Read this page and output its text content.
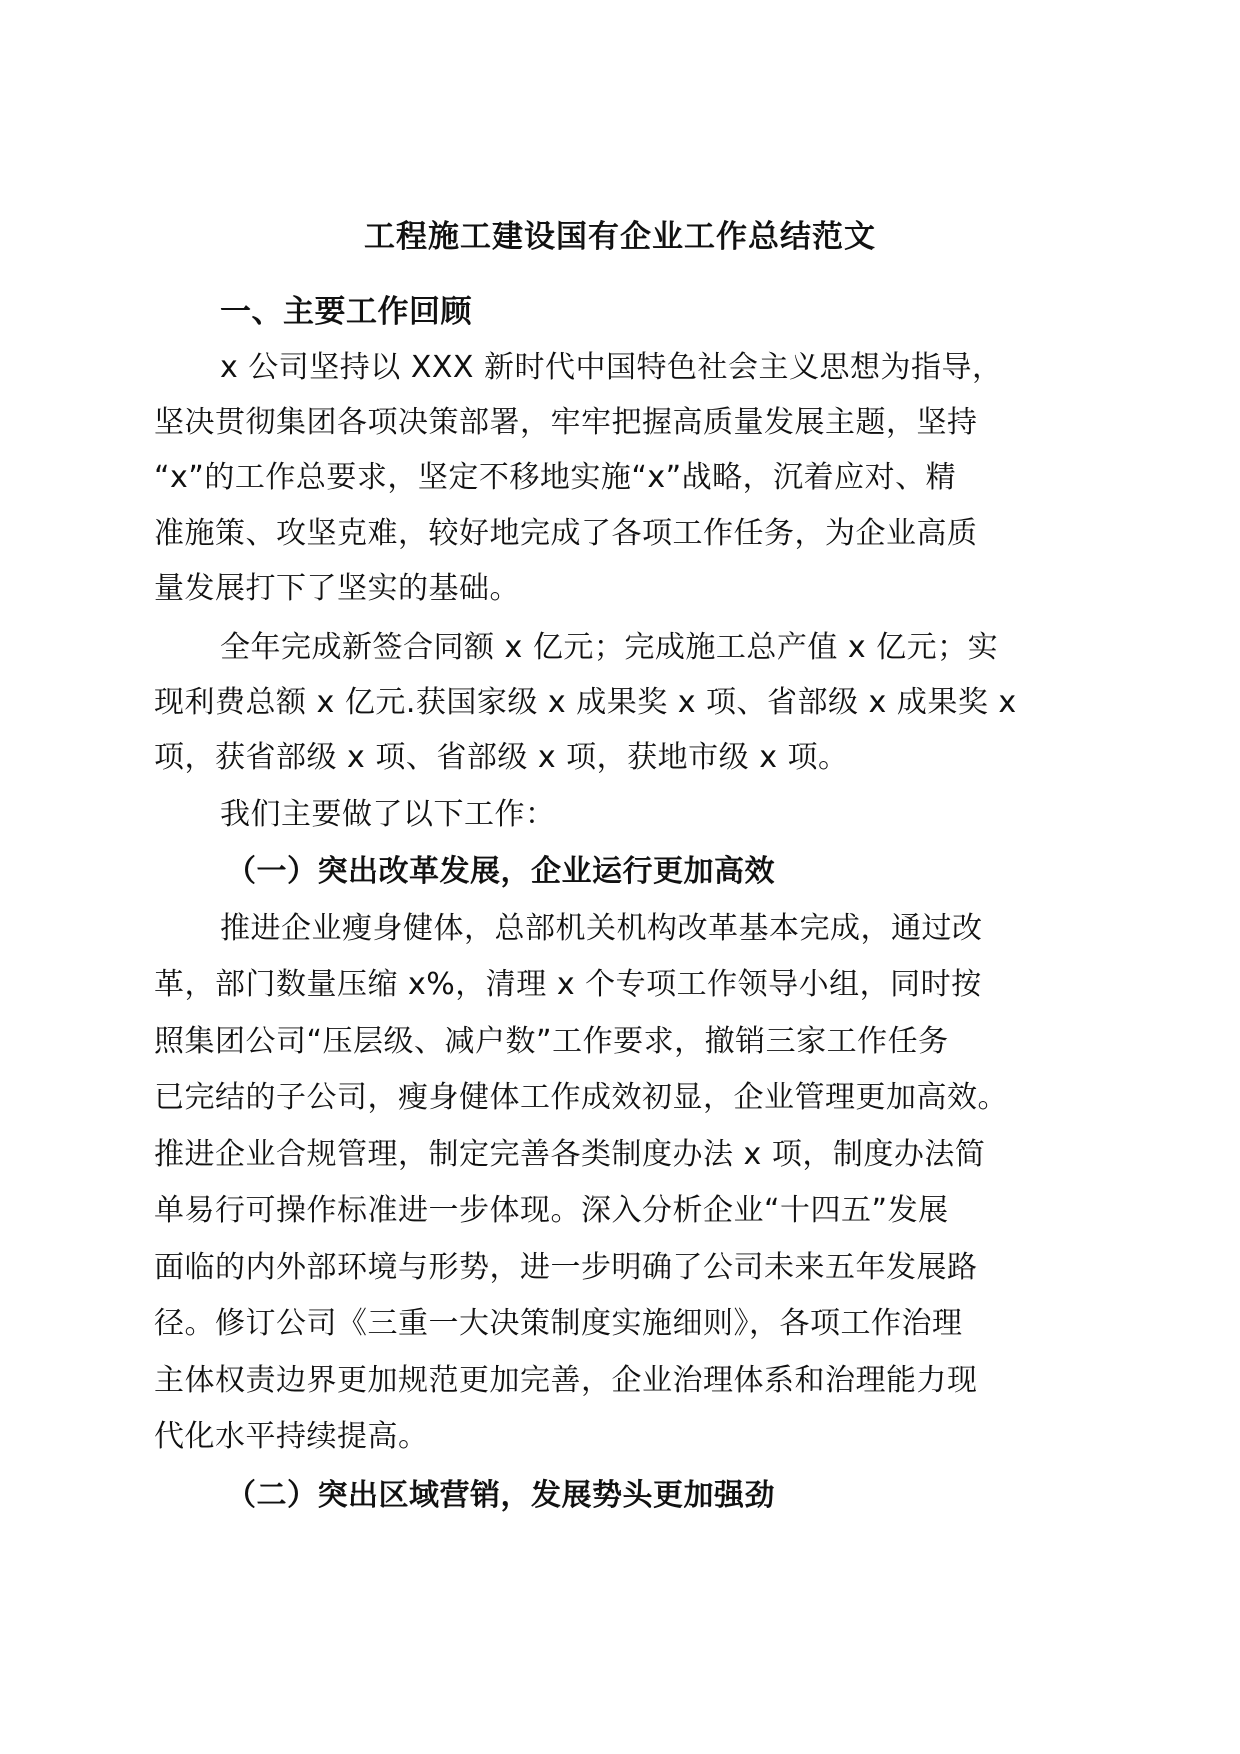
工程施工建设国有企业工作总结范文
一、主要工作回顾
x 公司坚持以 XXX 新时代中国特色社会主义思想为指导，
坚决贯彻集团各项决策部署，牢牢把握高质量发展主题，坚持
“x”的工作总要求，坚定不移地实施“x”战略，沉着应对、精
准施策、攻坚克难，较好地完成了各项工作任务，为企业高质
量发展打下了坚实的基础。
全年完成新签合同额 x 亿元；完成施工总产值 x 亿元；实
现利费总额 x 亿元.获国家级 x 成果奖 x 项、省部级 x 成果奖 x
项，获省部级 x 项、省部级 x 项，获地市级 x 项。
我们主要做了以下工作：
（一）突出改革发展，企业运行更加高效
推进企业瘦身健体，总部机关机构改革基本完成，通过改
革，部门数量压缩 x%，清理 x 个专项工作领导小组，同时按
照集团公司“压层级、减户数”工作要求，撤销三家工作任务
已完结的子公司，瘦身健体工作成效初显，企业管理更加高效。
推进企业合规管理，制定完善各类制度办法 x 项，制度办法简
单易行可操作标准进一步体现。深入分析企业“十四五”发展
面临的内外部环境与形势，进一步明确了公司未来五年发展路
径。修订公司《三重一大决策制度实施细则》，各项工作治理
主体权责边界更加规范更加完善，企业治理体系和治理能力现
代化水平持续提高。
（二）突出区域营销，发展势头更加强劲
